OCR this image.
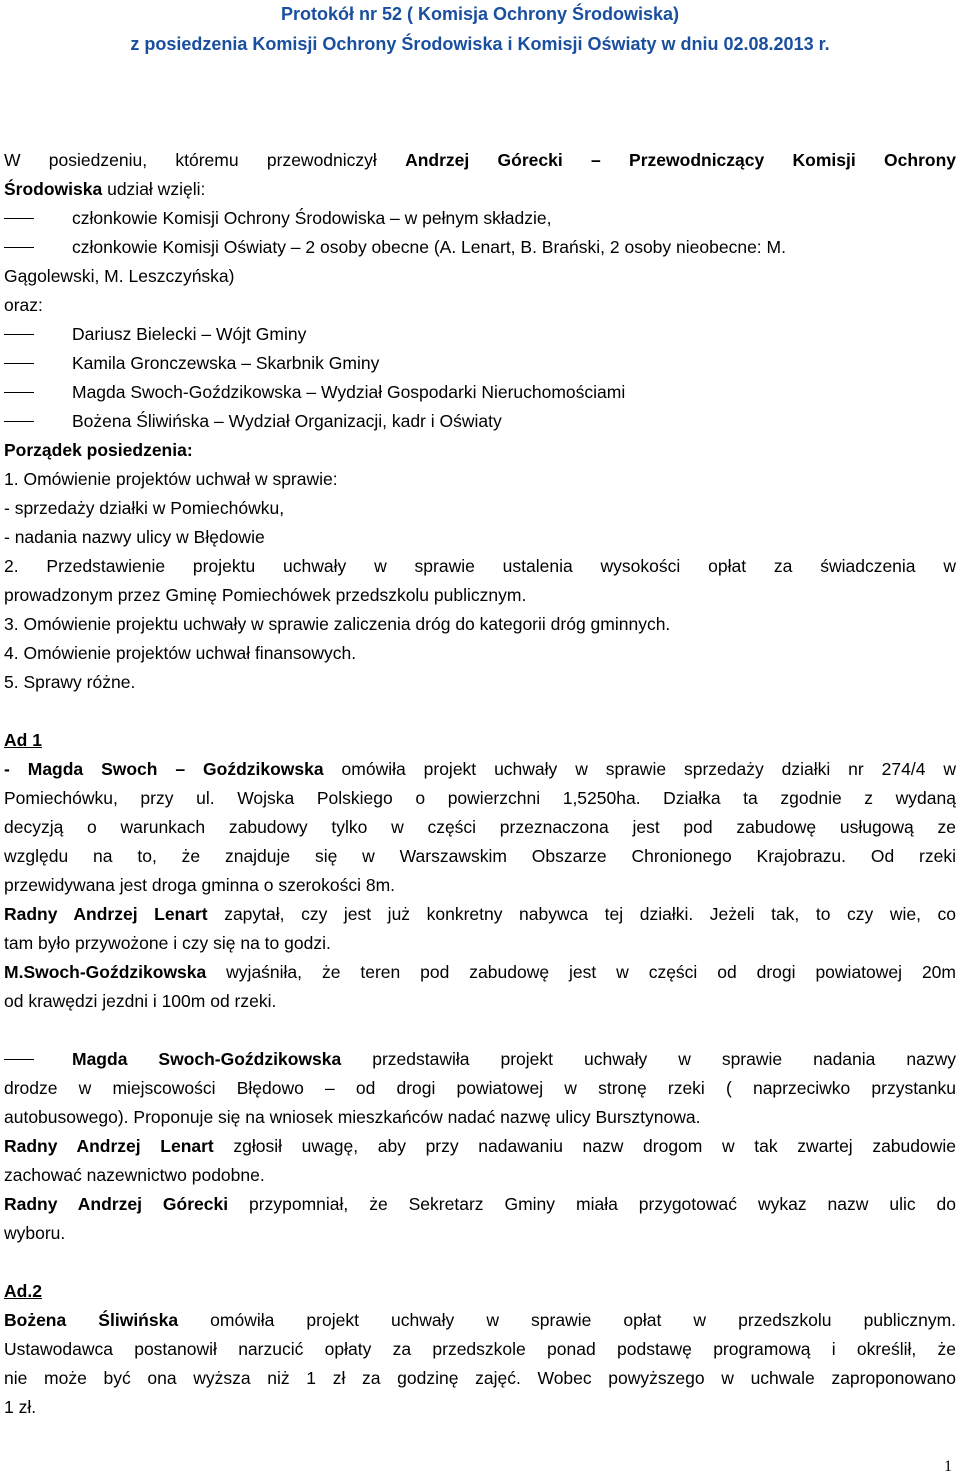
Protokół nr 52 ( Komisja Ochrony Środowiska)
z posiedzenia Komisji Ochrony Środowiska i Komisji Oświaty w dniu 02.08.2013 r.
W posiedzeniu, któremu przewodniczył Andrzej Górecki – Przewodniczący Komisji Ochrony
Środowiska udział wzięli:
członkowie Komisji Ochrony Środowiska – w pełnym składzie,
członkowie Komisji Oświaty – 2 osoby obecne (A. Lenart, B. Brański, 2 osoby nieobecne: M.
Gągolewski, M. Leszczyńska)
oraz:
Dariusz Bielecki – Wójt Gminy
Kamila Gronczewska – Skarbnik Gminy
Magda Swoch-Goździkowska – Wydział Gospodarki Nieruchomościami
Bożena Śliwińska – Wydział Organizacji, kadr i Oświaty
Porządek posiedzenia:
1. Omówienie projektów uchwał w sprawie:
- sprzedaży działki w Pomiechówku,
- nadania nazwy ulicy w Błędowie
2. Przedstawienie projektu uchwały w sprawie ustalenia wysokości opłat za świadczenia w
prowadzonym przez Gminę Pomiechówek przedszkolu publicznym.
3. Omówienie projektu uchwały w sprawie zaliczenia dróg do kategorii dróg gminnych.
4. Omówienie projektów uchwał finansowych.
5. Sprawy różne.
Ad 1
- Magda Swoch – Goździkowska omówiła projekt uchwały w sprawie sprzedaży działki nr 274/4 w
Pomiechówku, przy ul. Wojska Polskiego o powierzchni 1,5250ha. Działka ta zgodnie z wydaną
decyzją o warunkach zabudowy tylko w części przeznaczona jest pod zabudowę usługową ze
względu na to, że znajduje się w Warszawskim Obszarze Chronionego Krajobrazu. Od rzeki
przewidywana jest droga gminna o szerokości 8m.
Radny Andrzej Lenart zapytał, czy jest już konkretny nabywca tej działki. Jeżeli tak, to czy wie, co
tam było przywożone i czy się na to godzi.
M.Swoch-Goździkowska wyjaśniła, że teren pod zabudowę jest w części od drogi powiatowej 20m
od krawędzi jezdni i 100m od rzeki.
Magda Swoch-Goździkowska przedstawiła projekt uchwały w sprawie nadania nazwy
drodze w miejscowości Błędowo – od drogi powiatowej w stronę rzeki ( naprzeciwko przystanku
autobusowego). Proponuje się na wniosek mieszkańców nadać nazwę ulicy Bursztynowa.
Radny Andrzej Lenart zgłosił uwagę, aby przy nadawaniu nazw drogom w tak zwartej zabudowie
zachować nazewnictwo podobne.
Radny Andrzej Górecki przypomniał, że Sekretarz Gminy miała przygotować wykaz nazw ulic do
wyboru.
Ad.2
Bożena Śliwińska omówiła projekt uchwały w sprawie opłat w przedszkolu publicznym.
Ustawodawca postanowił narzucić opłaty za przedszkole ponad podstawę programową i określił, że
nie może być ona wyższa niż 1 zł za godzinę zajęć. Wobec powyższego w uchwale zaproponowano
1 zł.
1
